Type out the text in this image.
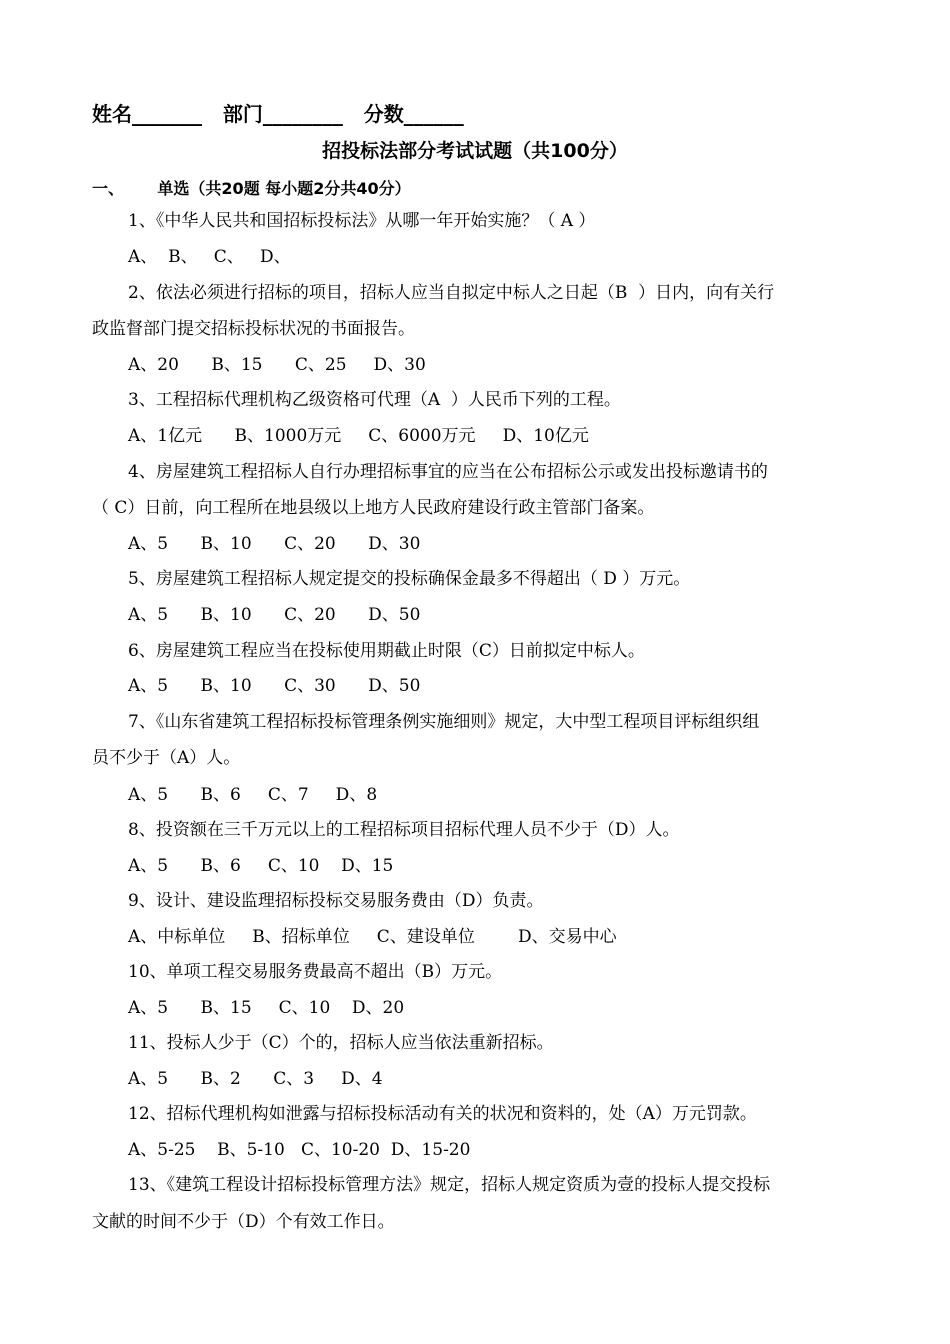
姓名_______   部门________   分数______
招投标法部分考试试题（共100分）
一、      单选（共20题 每小题2分共40分）
1、《中华人民共和国招标投标法》从哪一年开始实施？（ A ）
A、  B、   C、   D、
2、依法必须进行招标的项目，招标人应当自拟定中标人之日起（B  ）日内，向有关行
政监督部门提交招标投标状况的书面报告。
A、20      B、15      C、25     D、30
3、工程招标代理机构乙级资格可代理（A  ）人民币下列的工程。
A、1亿元      B、1000万元     C、6000万元     D、10亿元
4、房屋建筑工程招标人自行办理招标事宜的应当在公布招标公示或发出投标邀请书的
（ C）日前，向工程所在地县级以上地方人民政府建设行政主管部门备案。
A、5      B、10      C、20      D、30
5、房屋建筑工程招标人规定提交的投标确保金最多不得超出（ D ）万元。
A、5      B、10      C、20      D、50
6、房屋建筑工程应当在投标使用期截止时限（C）日前拟定中标人。
A、5      B、10      C、30      D、50
7、《山东省建筑工程招标投标管理条例实施细则》规定，大中型工程项目评标组织组
员不少于（A）人。
A、5      B、6     C、7     D、8
8、投资额在三千万元以上的工程招标项目招标代理人员不少于（D）人。
A、5      B、6     C、10    D、15
9、设计、建设监理招标投标交易服务费由（D）负责。
A、中标单位     B、招标单位     C、建设单位        D、交易中心
10、单项工程交易服务费最高不超出（B）万元。
A、5      B、15     C、10    D、20
11、投标人少于（C）个的，招标人应当依法重新招标。
A、5      B、2      C、3     D、4
12、招标代理机构如泄露与招标投标活动有关的状况和资料的，处（A）万元罚款。
A、5-25    B、5-10   C、10-20  D、15-20
13、《建筑工程设计招标投标管理方法》规定，招标人规定资质为壹的投标人提交投标
文献的时间不少于（D）个有效工作日。
